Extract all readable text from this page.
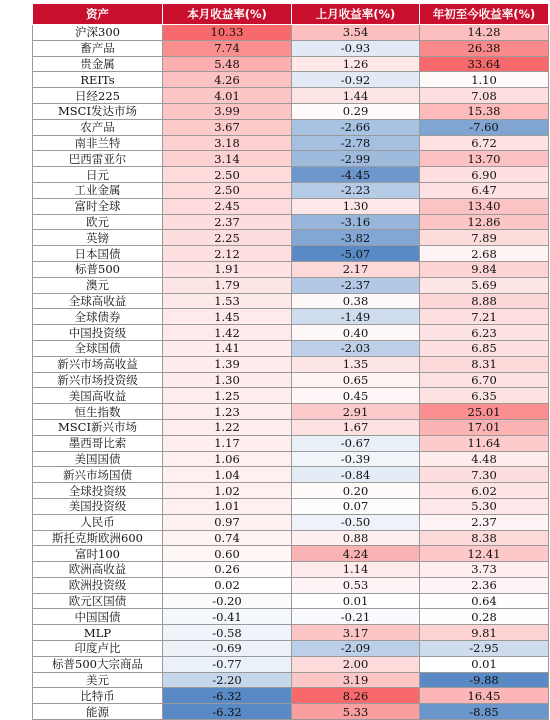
资产	本月收益率(%)	上月收益率(%)	年初至今收益率(%)
沪深300	10.33	3.54	14.28
畜产品	7.74	-0.93	26.38
贵金属	5.48	1.26	33.64
REITs	4.26	-0.92	1.10
日经225	4.01	1.44	7.08
MSCI发达市场	3.99	0.29	15.38
农产品	3.67	-2.66	-7.60
南非兰特	3.18	-2.78	6.72
巴西雷亚尔	3.14	-2.99	13.70
日元	2.50	-4.45	6.90
工业金属	2.50	-2.23	6.47
富时全球	2.45	1.30	13.40
欧元	2.37	-3.16	12.86
英镑	2.25	-3.82	7.89
日本国债	2.12	-5.07	2.68
标普500	1.91	2.17	9.84
澳元	1.79	-2.37	5.69
全球高收益	1.53	0.38	8.88
全球债券	1.45	-1.49	7.21
中国投资级	1.42	0.40	6.23
全球国债	1.41	-2.03	6.85
新兴市场高收益	1.39	1.35	8.31
新兴市场投资级	1.30	0.65	6.70
美国高收益	1.25	0.45	6.35
恒生指数	1.23	2.91	25.01
MSCI新兴市场	1.22	1.67	17.01
墨西哥比索	1.17	-0.67	11.64
美国国债	1.06	-0.39	4.48
新兴市场国债	1.04	-0.84	7.30
全球投资级	1.02	0.20	6.02
美国投资级	1.01	0.07	5.30
人民币	0.97	-0.50	2.37
斯托克斯欧洲600	0.74	0.88	8.38
富时100	0.60	4.24	12.41
欧洲高收益	0.26	1.14	3.73
欧洲投资级	0.02	0.53	2.36
欧元区国债	-0.20	0.01	0.64
中国国债	-0.41	-0.21	0.28
MLP	-0.58	3.17	9.81
印度卢比	-0.69	-2.09	-2.95
标普500大宗商品	-0.77	2.00	0.01
美元	-2.20	3.19	-9.88
比特币	-6.32	8.26	16.45
能源	-6.32	5.33	-8.85
